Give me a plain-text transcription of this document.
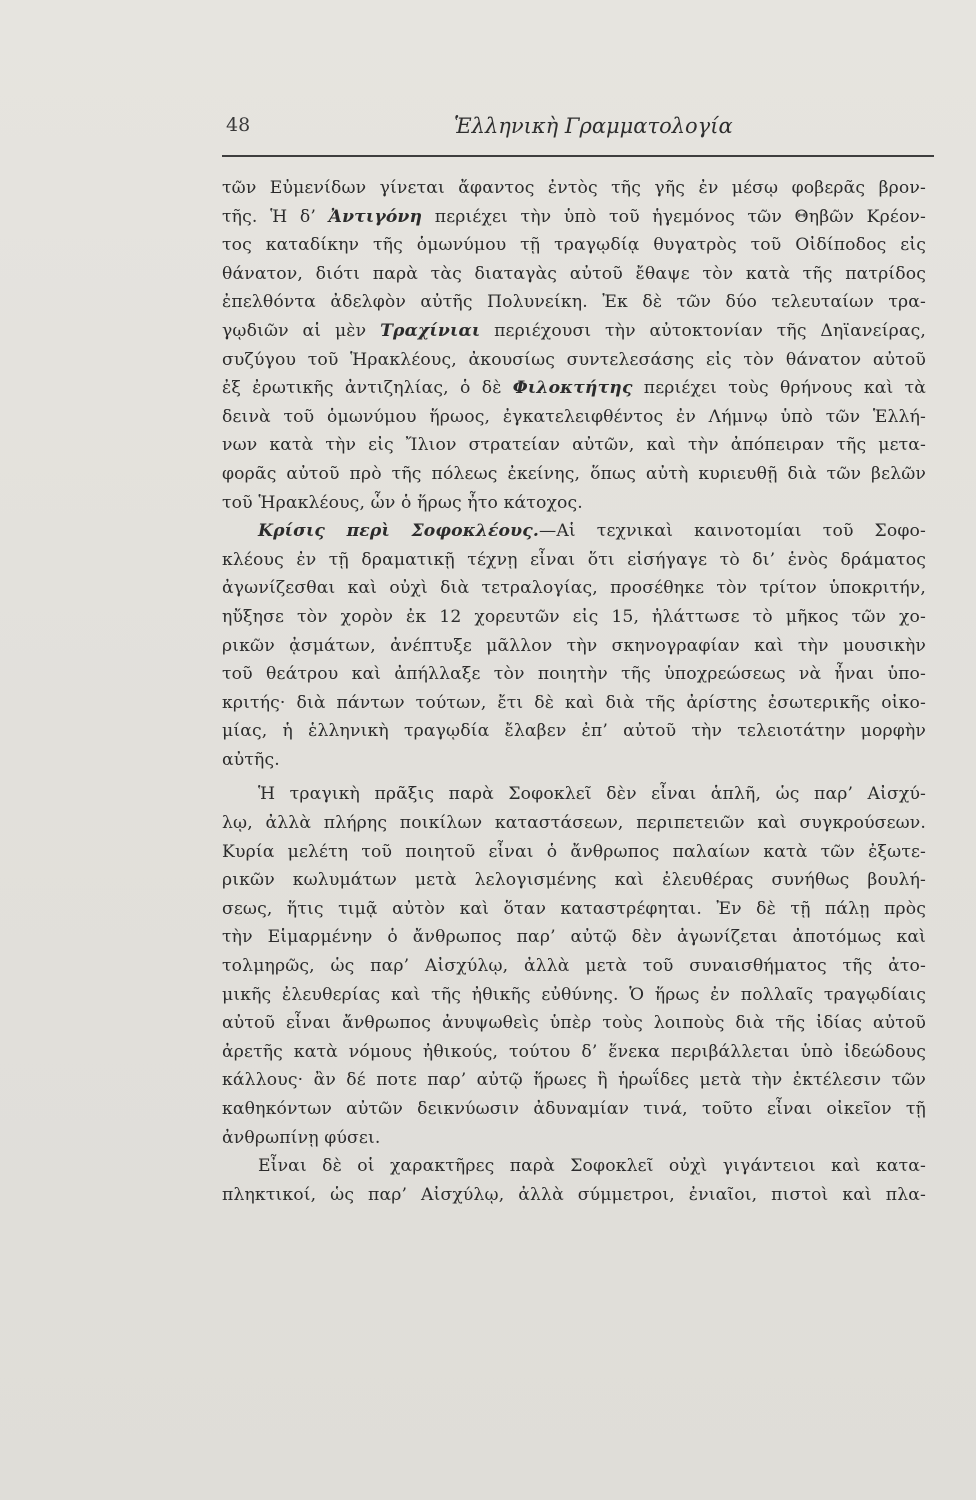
48	Ἑλληνικὴ Γραμματολογία
τῶν Εὐμενίδων γίνεται ἄφαντος ἐντὸς τῆς γῆς ἐν μέσῳ φοβερᾶς βρον-
τῆς. Ἡ δ’ Ἀντιγόνη περιέχει τὴν ὑπὸ τοῦ ἡγεμόνος τῶν Θηβῶν Κρέον-
τος καταδίκην τῆς ὁμωνύμου τῇ τραγῳδίᾳ θυγατρὸς τοῦ Οἰδίποδος εἰς
θάνατον, διότι παρὰ τὰς διαταγὰς αὐτοῦ ἔθαψε τὸν κατὰ τῆς πατρίδος
ἐπελθόντα ἀδελφὸν αὐτῆς Πολυνείκη. Ἐκ δὲ τῶν δύο τελευταίων τρα-
γῳδιῶν αἱ μὲν Τραχίνιαι περιέχουσι τὴν αὐτοκτονίαν τῆς Δηϊανείρας,
συζύγου τοῦ Ἡρακλέους, ἀκουσίως συντελεσάσης εἰς τὸν θάνατον αὐτοῦ
ἐξ ἐρωτικῆς ἀντιζηλίας, ὁ δὲ Φιλοκτήτης περιέχει τοὺς θρήνους καὶ τὰ
δεινὰ τοῦ ὁμωνύμου ἥρωος, ἐγκατελειφθέντος ἐν Λήμνῳ ὑπὸ τῶν Ἑλλή-
νων κατὰ τὴν εἰς Ἴλιον στρατείαν αὐτῶν, καὶ τὴν ἀπόπειραν τῆς μετα-
φορᾶς αὐτοῦ πρὸ τῆς πόλεως ἐκείνης, ὅπως αὐτὴ κυριευθῇ διὰ τῶν βελῶν
τοῦ Ἡρακλέους, ὧν ὁ ἥρως ἦτο κάτοχος.
Κρίσις περὶ Σοφοκλέους.—Αἱ τεχνικαὶ καινοτομίαι τοῦ Σοφο-
κλέους ἐν τῇ δραματικῇ τέχνῃ εἶναι ὅτι εἰσήγαγε τὸ δι’ ἑνὸς δράματος
ἀγωνίζεσθαι καὶ οὐχὶ διὰ τετραλογίας, προσέθηκε τὸν τρίτον ὑποκριτήν,
ηὔξησε τὸν χορὸν ἐκ 12 χορευτῶν εἰς 15, ἠλάττωσε τὸ μῆκος τῶν χο-
ρικῶν ᾀσμάτων, ἀνέπτυξε μᾶλλον τὴν σκηνογραφίαν καὶ τὴν μουσικὴν
τοῦ θεάτρου καὶ ἀπήλλαξε τὸν ποιητὴν τῆς ὑποχρεώσεως νὰ ἦναι ὑπο-
κριτής· διὰ πάντων τούτων, ἔτι δὲ καὶ διὰ τῆς ἀρίστης ἐσωτερικῆς οἰκο-
μίας, ἡ ἑλληνικὴ τραγῳδία ἔλαβεν ἐπ’ αὐτοῦ τὴν τελειοτάτην μορφὴν
αὐτῆς.
Ἡ τραγικὴ πρᾶξις παρὰ Σοφοκλεῖ δὲν εἶναι ἁπλῆ, ὡς παρ’ Αἰσχύ-
λῳ, ἀλλὰ πλήρης ποικίλων καταστάσεων, περιπετειῶν καὶ συγκρούσεων.
Κυρία μελέτη τοῦ ποιητοῦ εἶναι ὁ ἄνθρωπος παλαίων κατὰ τῶν ἐξωτε-
ρικῶν κωλυμάτων μετὰ λελογισμένης καὶ ἐλευθέρας συνήθως βουλή-
σεως, ἥτις τιμᾷ αὐτὸν καὶ ὅταν καταστρέφηται. Ἐν δὲ τῇ πάλῃ πρὸς
τὴν Εἱμαρμένην ὁ ἄνθρωπος παρ’ αὐτῷ δὲν ἀγωνίζεται ἀποτόμως καὶ
τολμηρῶς, ὡς παρ’ Αἰσχύλῳ, ἀλλὰ μετὰ τοῦ συναισθήματος τῆς ἀτο-
μικῆς ἐλευθερίας καὶ τῆς ἠθικῆς εὐθύνης. Ὁ ἥρως ἐν πολλαῖς τραγῳδίαις
αὐτοῦ εἶναι ἄνθρωπος ἀνυψωθεὶς ὑπὲρ τοὺς λοιποὺς διὰ τῆς ἰδίας αὐτοῦ
ἀρετῆς κατὰ νόμους ἠθικούς, τούτου δ’ ἕνεκα περιβάλλεται ὑπὸ ἰδεώδους
κάλλους· ἂν δέ ποτε παρ’ αὐτῷ ἥρωες ἢ ἡρωΐδες μετὰ τὴν ἐκτέλεσιν τῶν
καθηκόντων αὐτῶν δεικνύωσιν ἀδυναμίαν τινά, τοῦτο εἶναι οἰκεῖον τῇ
ἀνθρωπίνῃ φύσει.
Εἶναι δὲ οἱ χαρακτῆρες παρὰ Σοφοκλεῖ οὐχὶ γιγάντειοι καὶ κατα-
πληκτικοί, ὡς παρ’ Αἰσχύλῳ, ἀλλὰ σύμμετροι, ἐνιαῖοι, πιστοὶ καὶ πλα-
